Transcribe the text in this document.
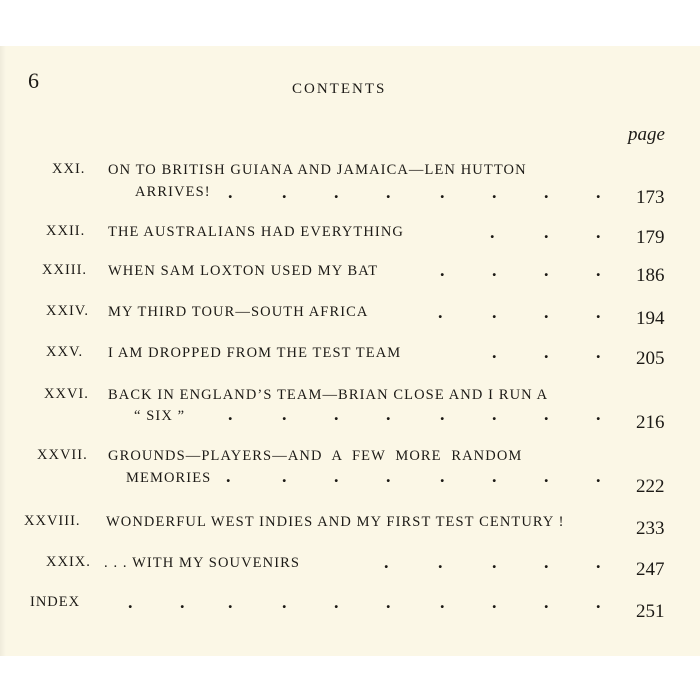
6	CONTENTS
page
XXI. ON TO BRITISH GUIANA AND JAMAICA—LEN HUTTON
ARRIVES! .	.	.	.	.	.	.	. 173
XXII. THE AUSTRALIANS HAD EVERYTHING	.	.	. 179
XXIII. WHEN SAM LOXTON USED MY BAT	.	.	.	. 186
XXIV. MY THIRD TOUR—SOUTH AFRICA	.	.	.	. 194
XXV. I AM DROPPED FROM THE TEST TEAM	.	.	. 205
XXVI. BACK IN ENGLAND’S TEAM—BRIAN CLOSE AND I RUN A
“ SIX ” .	.	.	.	.	.	.	. 216
XXVII. GROUNDS—PLAYERS—AND A FEW MORE RANDOM
MEMORIES .	.	.	.	.	.	.	. 222
XXVIII. WONDERFUL WEST INDIES AND MY FIRST TEST CENTURY !	233
XXIX. . . . WITH MY SOUVENIRS	.	.	.	.	. 247
INDEX	.	. .	.	.	.	.	.	.	. 251
